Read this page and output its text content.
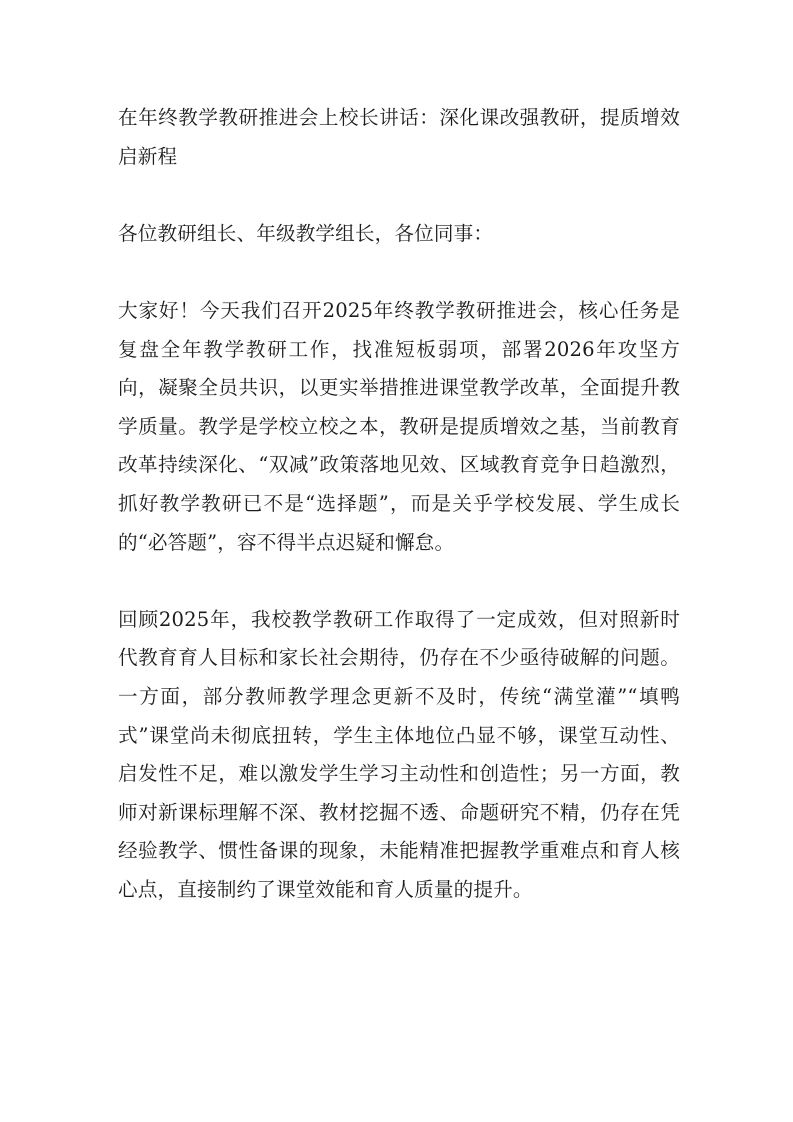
在年终教学教研推进会上校长讲话：深化课改强教研，提质增效启新程

各位教研组长、年级教学组长，各位同事：

大家好！今天我们召开2025年终教学教研推进会，核心任务是复盘全年教学教研工作，找准短板弱项，部署2026年攻坚方向，凝聚全员共识，以更实举措推进课堂教学改革，全面提升教学质量。教学是学校立校之本，教研是提质增效之基，当前教育改革持续深化、“双减”政策落地见效、区域教育竞争日趋激烈，抓好教学教研已不是“选择题”，而是关乎学校发展、学生成长的“必答题”，容不得半点迟疑和懈怠。

回顾2025年，我校教学教研工作取得了一定成效，但对照新时代教育育人目标和家长社会期待，仍存在不少亟待破解的问题。一方面，部分教师教学理念更新不及时，传统“满堂灌”“填鸭式”课堂尚未彻底扭转，学生主体地位凸显不够，课堂互动性、启发性不足，难以激发学生学习主动性和创造性；另一方面，教师对新课标理解不深、教材挖掘不透、命题研究不精，仍存在凭经验教学、惯性备课的现象，未能精准把握教学重难点和育人核心点，直接制约了课堂效能和育人质量的提升。
